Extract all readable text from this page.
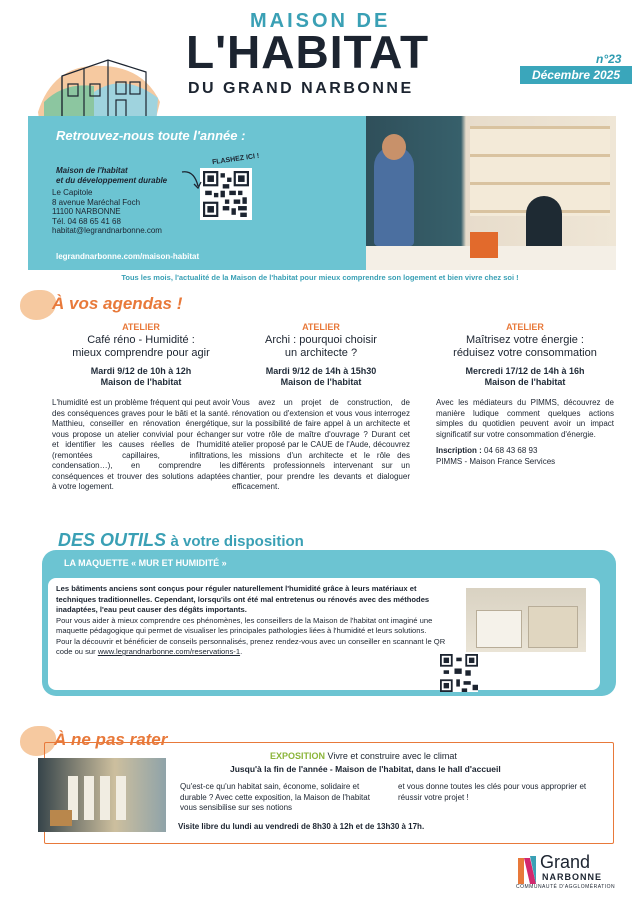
MAISON DE
L'HABITAT
DU GRAND NARBONNE
n°23
Décembre 2025
Retrouvez-nous toute l'année :
Maison de l'habitat
et du développement durable
Le Capitole
8 avenue Maréchal Foch
11100 NARBONNE
Tél. 04 68 65 41 68
habitat@legrandnarbonne.com
legrandnarbonne.com/maison-habitat
FLASHEZ ICI !
Tous les mois, l'actualité de la Maison de l'habitat pour mieux comprendre son logement et bien vivre chez soi !
À vos agendas !
ATELIER
Café réno - Humidité :
mieux comprendre pour agir
Mardi 9/12 de 10h à 12h
Maison de l'habitat
L'humidité est un problème fréquent qui peut avoir des conséquences graves pour le bâti et la santé. Matthieu, conseiller en rénovation énergétique, vous propose un atelier convivial pour échanger et identifier les causes réelles de l'humidité (remontées capillaires, infiltrations, condensation…), en comprendre les conséquences et trouver des solutions adaptées à votre logement.
ATELIER
Archi : pourquoi choisir
un architecte ?
Mardi 9/12 de 14h à 15h30
Maison de l'habitat
Vous avez un projet de construction, de rénovation ou d'extension et vous vous interrogez sur la possibilité de faire appel à un architecte et sur votre rôle de maître d'ouvrage ? Durant cet atelier proposé par le CAUE de l'Aude, découvrez les missions d'un architecte et le rôle des différents professionnels intervenant sur un chantier, pour prendre les devants et dialoguer efficacement.
ATELIER
Maîtrisez votre énergie :
réduisez votre consommation
Mercredi 17/12 de 14h à 16h
Maison de l'habitat
Avec les médiateurs du PIMMS, découvrez de manière ludique comment quelques actions simples du quotidien peuvent avoir un impact significatif sur votre consommation d'énergie.
Inscription : 04 68 43 68 93
PIMMS - Maison France Services
DES OUTILS à votre disposition
LA MAQUETTE « MUR ET HUMIDITÉ »
Les bâtiments anciens sont conçus pour réguler naturellement l'humidité grâce à leurs matériaux et techniques traditionnelles. Cependant, lorsqu'ils ont été mal entretenus ou rénovés avec des méthodes inadaptées, l'eau peut causer des dégâts importants.
Pour vous aider à mieux comprendre ces phénomènes, les conseillers de la Maison de l'habitat ont imaginé une maquette pédagogique qui permet de visualiser les principales pathologies liées à l'humidité et leurs solutions.
Pour la découvrir et bénéficier de conseils personnalisés, prenez rendez-vous avec un conseiller en scannant le QR code ou sur www.legrandnarbonne.com/reservations-1.
À ne pas rater
EXPOSITION Vivre et construire avec le climat
Jusqu'à la fin de l'année - Maison de l'habitat, dans le hall d'accueil
Qu'est-ce qu'un habitat sain, économe, solidaire et durable ? Avec cette exposition, la Maison de l'habitat vous sensibilise sur ses notions
et vous donne toutes les clés pour vous approprier et réussir votre projet !
Visite libre du lundi au vendredi de 8h30 à 12h et de 13h30 à 17h.
Grand
NARBONNE
COMMUNAUTÉ D'AGGLOMÉRATION
